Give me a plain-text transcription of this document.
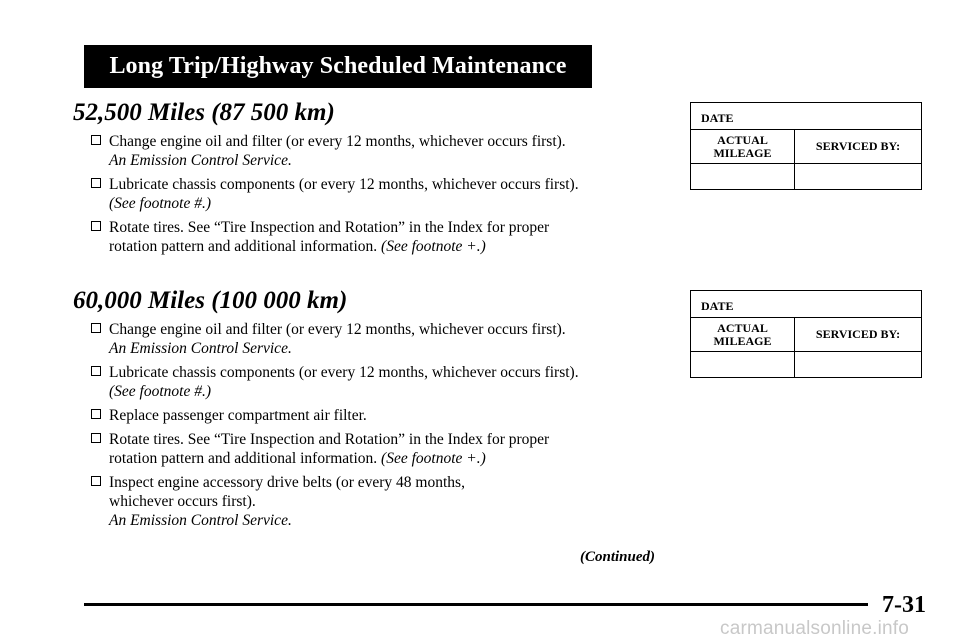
Long Trip/Highway Scheduled Maintenance
52,500 Miles (87 500 km)
Change engine oil and filter (or every 12 months, whichever occurs first).
An Emission Control Service.
Lubricate chassis components (or every 12 months, whichever occurs first).
(See footnote #.)
Rotate tires. See “Tire Inspection and Rotation” in the Index for proper
rotation pattern and additional information. (See footnote +.)
DATE
ACTUAL
MILEAGE	SERVICED BY:
60,000 Miles (100 000 km)
Change engine oil and filter (or every 12 months, whichever occurs first).
An Emission Control Service.
Lubricate chassis components (or every 12 months, whichever occurs first).
(See footnote #.)
Replace passenger compartment air filter.
Rotate tires. See “Tire Inspection and Rotation” in the Index for proper
rotation pattern and additional information. (See footnote +.)
Inspect engine accessory drive belts (or every 48 months,
whichever occurs first).
An Emission Control Service.
DATE
ACTUAL
MILEAGE	SERVICED BY:
(Continued)
7-31
carmanualsonline.info
